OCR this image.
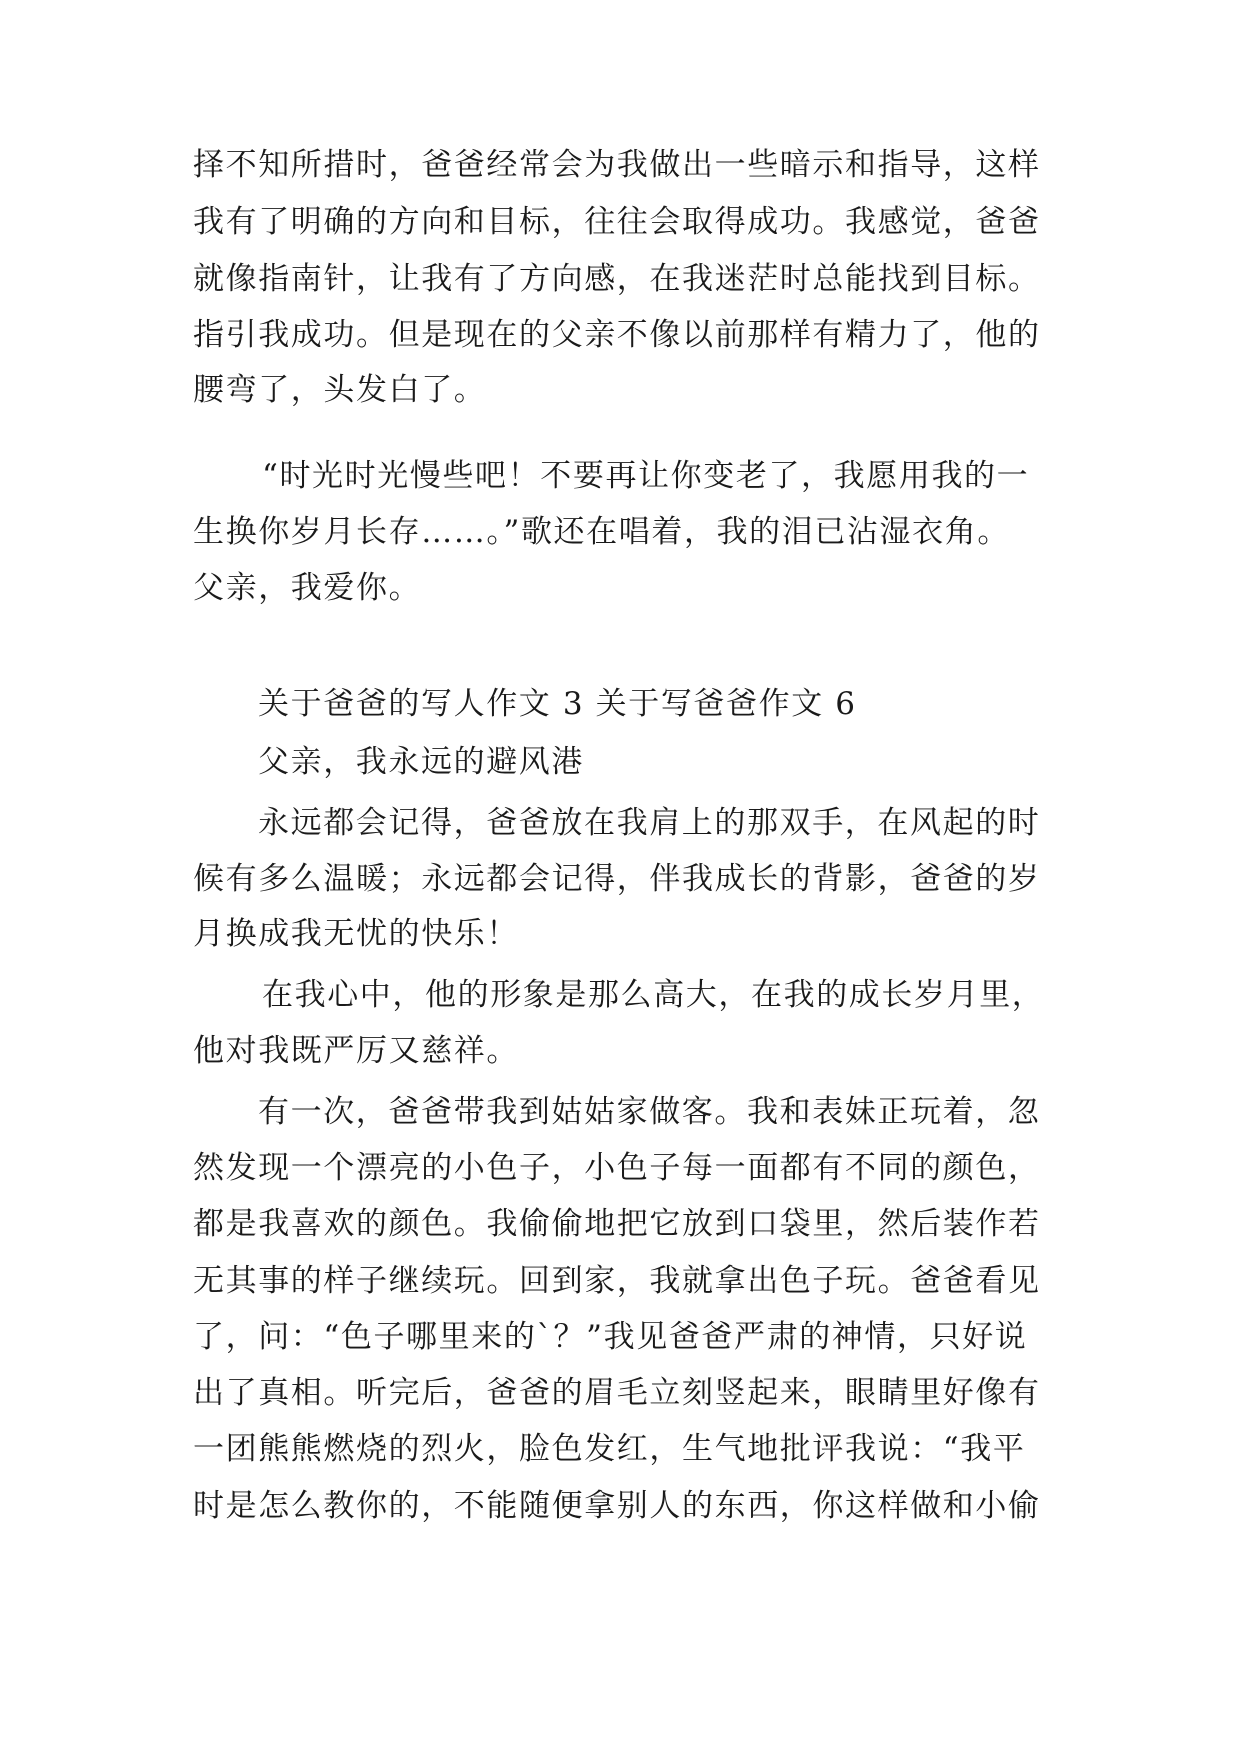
择不知所措时，爸爸经常会为我做出一些暗示和指导，这样
我有了明确的方向和目标，往往会取得成功。我感觉，爸爸
就像指南针，让我有了方向感，在我迷茫时总能找到目标。
指引我成功。但是现在的父亲不像以前那样有精力了，他的
腰弯了，头发白了。
“时光时光慢些吧！不要再让你变老了，我愿用我的一
生换你岁月长存……。”歌还在唱着，我的泪已沾湿衣角。
父亲，我爱你。
关于爸爸的写人作文 3 关于写爸爸作文 6
父亲，我永远的避风港
永远都会记得，爸爸放在我肩上的那双手，在风起的时
候有多么温暖；永远都会记得，伴我成长的背影，爸爸的岁
月换成我无忧的快乐！
在我心中，他的形象是那么高大，在我的成长岁月里，
他对我既严厉又慈祥。
有一次，爸爸带我到姑姑家做客。我和表妹正玩着，忽
然发现一个漂亮的小色子，小色子每一面都有不同的颜色，
都是我喜欢的颜色。我偷偷地把它放到口袋里，然后装作若
无其事的样子继续玩。回到家，我就拿出色子玩。爸爸看见
了，问：“色子哪里来的`？”我见爸爸严肃的神情，只好说
出了真相。听完后，爸爸的眉毛立刻竖起来，眼睛里好像有
一团熊熊燃烧的烈火，脸色发红，生气地批评我说：“我平
时是怎么教你的，不能随便拿别人的东西，你这样做和小偷
